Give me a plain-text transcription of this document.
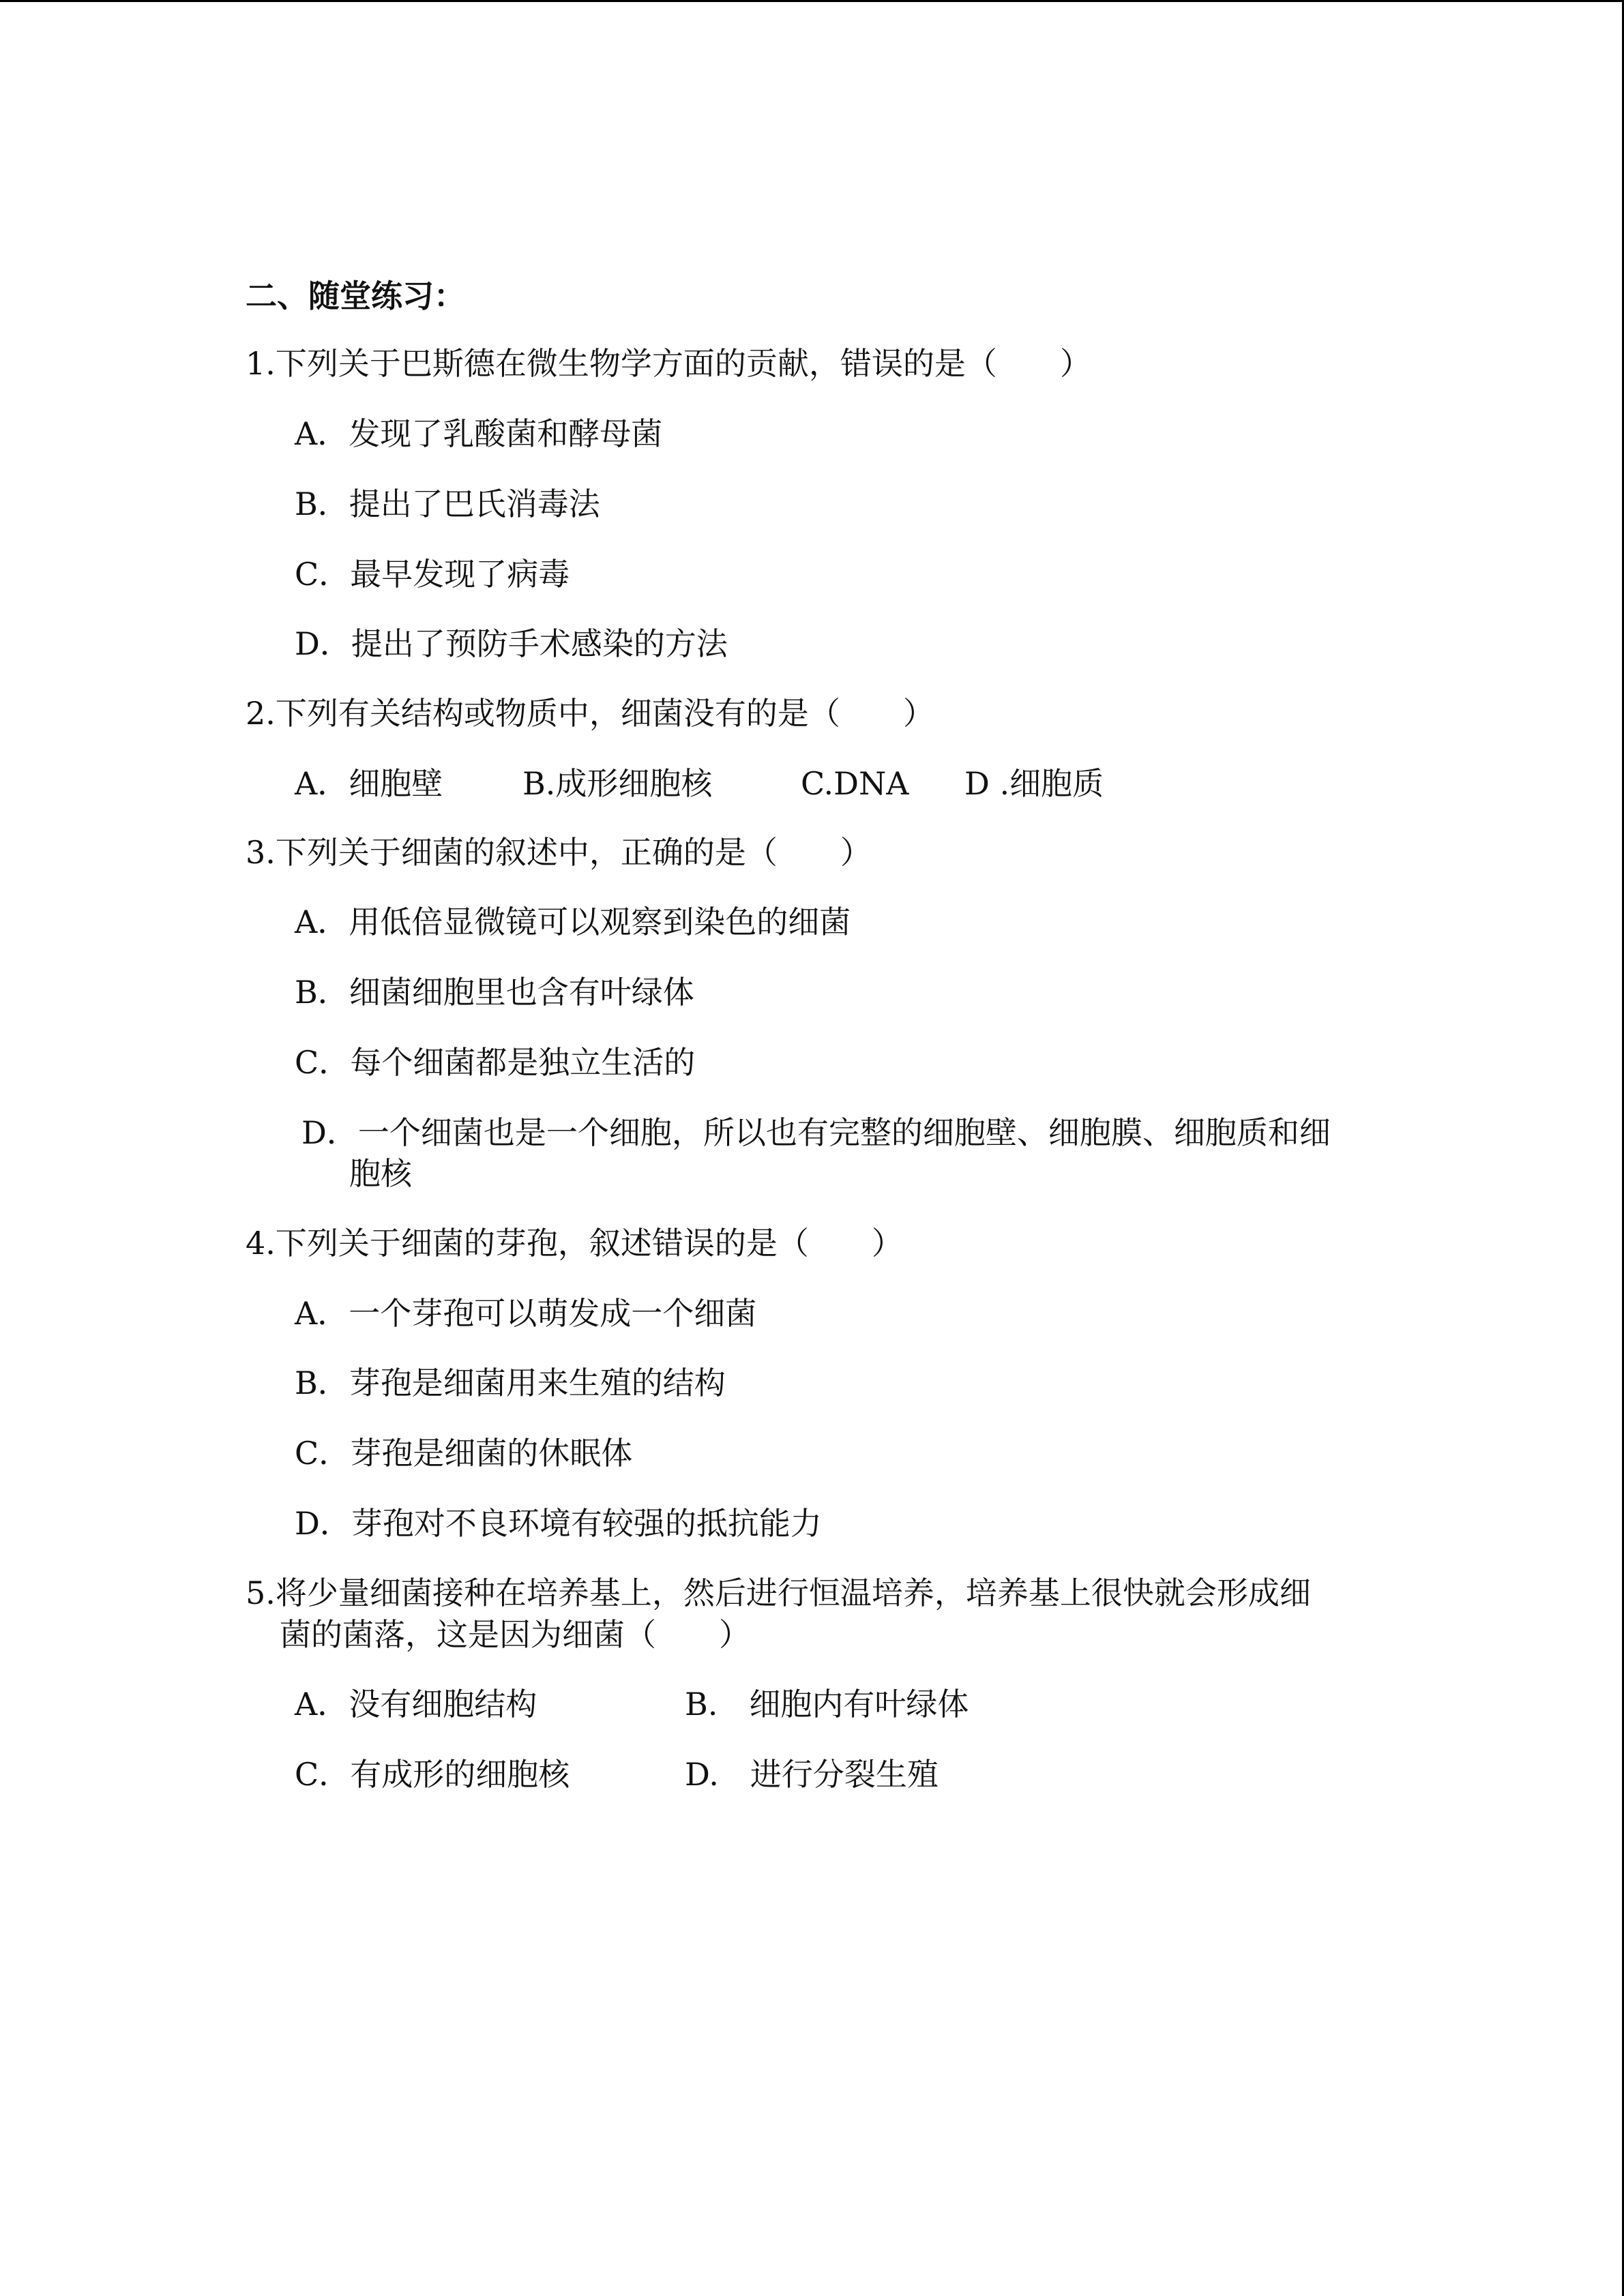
二、随堂练习：
1.下列关于巴斯德在微生物学方面的贡献，错误的是（　　）
A．发现了乳酸菌和酵母菌
B．提出了巴氏消毒法
C．最早发现了病毒
D．提出了预防手术感染的方法
2.下列有关结构或物质中，细菌没有的是（　　）
A．细胞壁	B.成形细胞核	C.DNA D .细胞质
3.下列关于细菌的叙述中，正确的是（　　）
A．用低倍显微镜可以观察到染色的细菌
B．细菌细胞里也含有叶绿体
C．每个细菌都是独立生活的
D．一个细菌也是一个细胞，所以也有完整的细胞壁、细胞膜、细胞质和细
胞核
4.下列关于细菌的芽孢，叙述错误的是（　　）
A．一个芽孢可以萌发成一个细菌
B．芽孢是细菌用来生殖的结构
C．芽孢是细菌的休眠体
D．芽孢对不良环境有较强的抵抗能力
5.将少量细菌接种在培养基上，然后进行恒温培养，培养基上很快就会形成细
菌的菌落，这是因为细菌（　　）
A．没有细胞结构	B.　细胞内有叶绿体
C．有成形的细胞核	D.　进行分裂生殖
